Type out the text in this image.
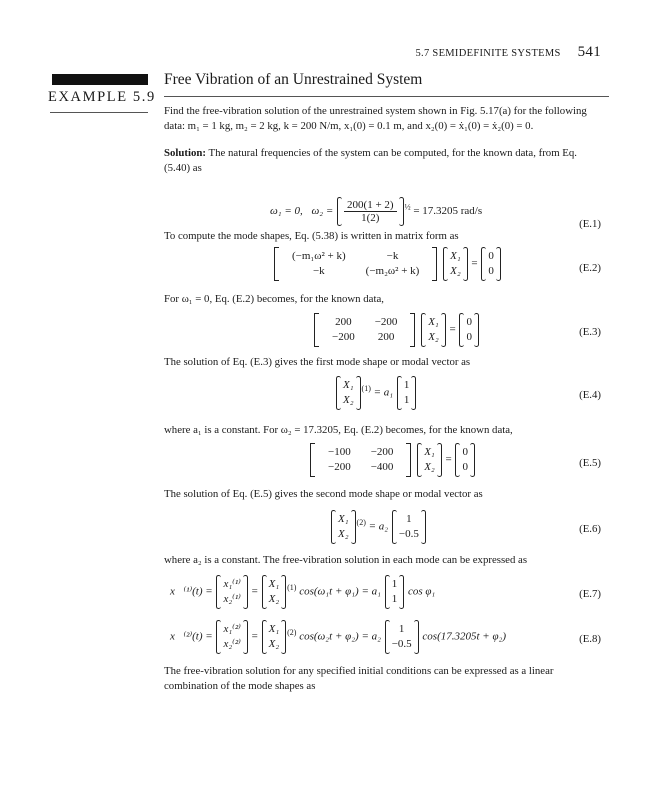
5.7 SEMIDEFINITE SYSTEMS 541
EXAMPLE 5.9
Free Vibration of an Unrestrained System
Find the free-vibration solution of the unrestrained system shown in Fig. 5.17(a) for the following data: m₁ = 1 kg, m₂ = 2 kg, k = 200 N/m, x₁(0) = 0.1 m, and x₂(0) = ẋ₁(0) = ẋ₂(0) = 0.
Solution: The natural frequencies of the system can be computed, for the known data, from Eq. (5.40) as
ω₁ = 0, $\omega_2 = \frac{200(1 + 2)}{1(2)} ^{\frac{1}{2}} = 17.3205$ rad/s
(E.1)
To compute the mode shapes, Eq. (5.38) is written in matrix form as
(−m₁ω² + k)	−k
−k	(−m₂ω² + k)

X₁
X₂
=
0
0	(E.2)
For ω₁ = 0, Eq. (E.2) becomes, for the known data,
200	−200
−200	200

X₁
X₂
=
0
0	(E.3)
The solution of Eq. (E.3) gives the first mode shape or modal vector as
X₁
X₂
$^{(1)}$ = a₁
1
1	(E.4)
where a₁ is a constant. For ω₂ = 17.3205, Eq. (E.2) becomes, for the known data,
−100	−200
−200	−400

X₁
X₂
=
0
0	(E.5)
The solution of Eq. (E.5) gives the second mode shape or modal vector as
X₁
X₂
$^{(2)}$ = a₂
1
−0.5	(E.6)
where a₂ is a constant. The free-vibration solution in each mode can be expressed as
x⃗⁽¹⁾(t) =
x₁⁽¹⁾
x₂⁽¹⁾
=
X₁
X₂
$^{(1)}$ cos(ω₁t + φ₁) = a₁
1
1
cos φ₁	(E.7)
x⃗⁽²⁾(t) =
x₁⁽²⁾
x₂⁽²⁾
=
X₁
X₂
$^{(2)}$ cos(ω₂t + φ₂) = a₂
1
−0.5
cos(17.3205t + φ₂)	(E.8)
The free-vibration solution for any specified initial conditions can be expressed as a linear combination of the mode shapes as
